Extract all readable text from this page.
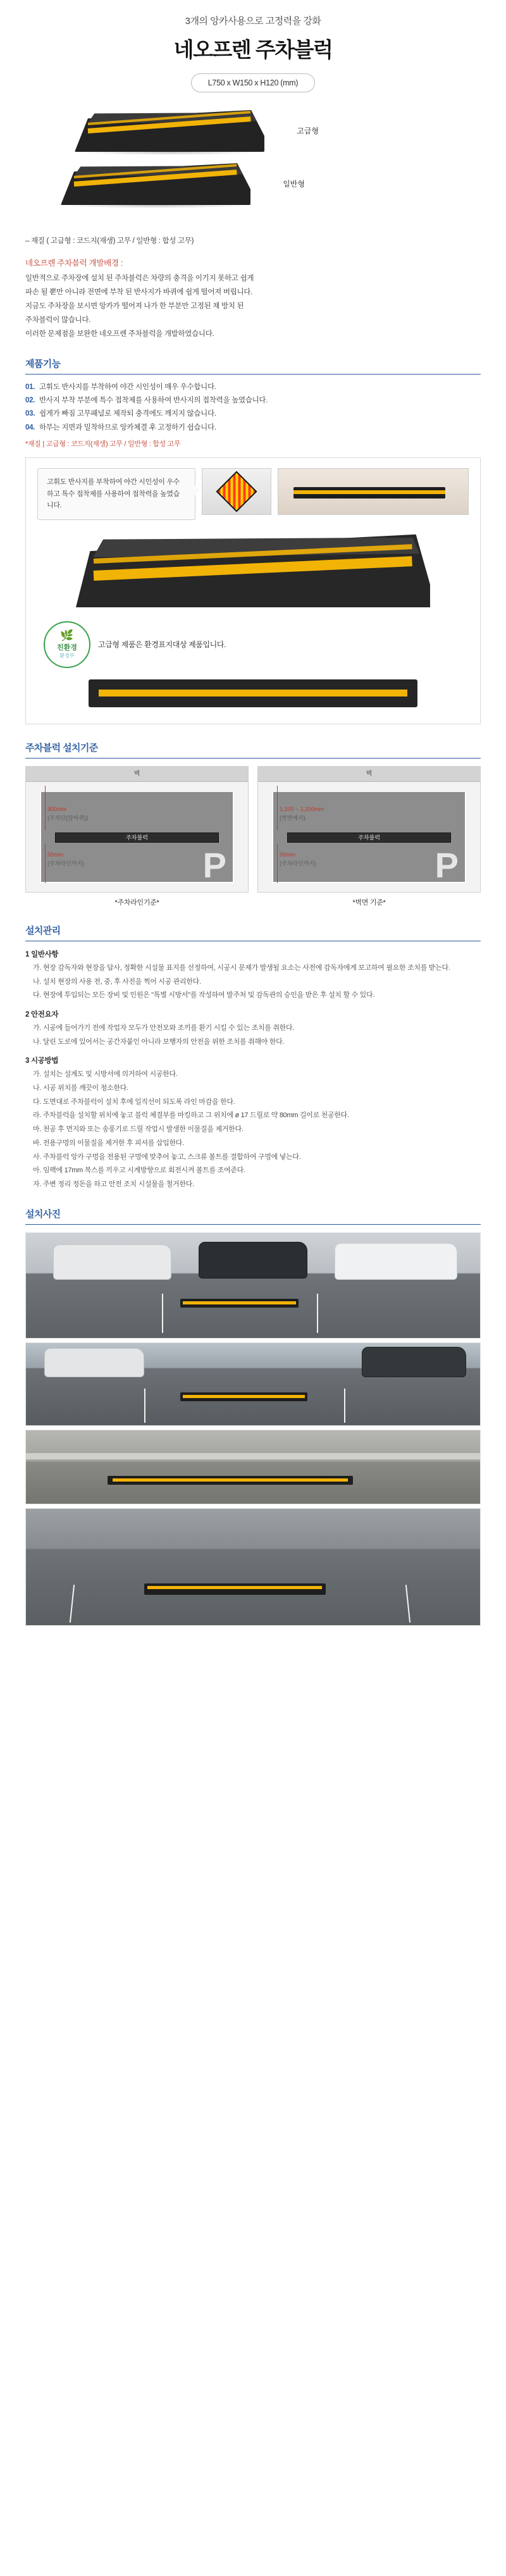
3개의 앙카사용으로 고정력을 강화
네오프렌 주차블럭
L750 x W150 x H120 (mm)
고급형
일반형
– 재질 ( 고급형 : 코드지(재생) 고무 / 일반형 : 합성 고무)
네오프렌 주차블럭 개발배경 :

일반적으로 주차장에 설치 된 주차블럭은 차량의 충격을 이기지 못하고 쉽게

파손 될 뿐만 아니라 전면에 부착 된 반사지가 바퀴에 쉽게 떨어져 버립니다.

지금도 주차장을 보시면 앙카가 떨어져 나가 한 부분만 고정된 채 방치 된

주차블럭이 많습니다.

이러한 문제점을 보완한 네오프렌 주차블럭을 개발하였습니다.

제품기능
01. 고휘도 반사지를 부착하여 야간 시인성이 매우 우수합니다.
02. 반사지 부착 부분에 특수 접착제를 사용하여 반사지의 접착력을 높였습니다.
03. 쉽게가 빠짐 고무패널로 제작되 충격에도 깨지지 않습니다.
04. 하부는 지면과 밀착하므로 앙카체결 후 고정하기 쉽습니다.
*재질 | 고급형 : 코드지(재생) 고무 / 일반형 : 합성 고무
고휘도 반사지를 부착하여 야간 시인성이 우수하고 특수 접착제를 사용하여 접착력을 높였습니다.
🌿
친환경
환경부
고급형 제품은 환경표지대상 제품입니다.
주차블럭 설치기준
벽
P
900mm
(주차단(앞바퀴))
주차블럭
50mm
(주차라인까지)
*주차라인기준*
벽
P
1,100 ~ 1,200mm
(벽면에서)
주차블럭
50mm
(주차라인까지)
*벽면 기준*
설치관리
1 일반사항

가. 현장 감독자와 현장을 답사, 정확한 시설물 표지를 선정하여, 시공시 문제가 발생될 요소는 사전에 감독자에게 보고하여 필요한 조치를 받는다.

나. 설치 현장의 사용 전, 중, 후 사진을 찍어 시공 관리한다.

다. 현장에 투입되는 모든 장비 및 인원은 "특별 시방서"를 작성하여 발주처 및 감독관의 승인을 받은 후 설치 할 수 있다.

2 안전요자

가. 시공에 들어가기 전에 작업자 모두가 안전모와 조끼를 환기 시킬 수 있는 조치를 취한다.

나. 달린 도로에 있어서는 공간자붙인 아니라 보행자의 안전을 위한 조치를 취해야 한다.

3 시공방법

가. 설치는 설계도 및 시방서에 의거하여 시공한다.

나. 시공 위치를 깨끗이 청소한다.

다. 도면대로 주차블럭이 설치 후에 일직선이 되도록 라인 마감을 한다.

라. 주차블럭을 설치할 위치에 놓고 블럭 체결부를 마킹하고 그 위치에 ø 17 드릴로 약 80mm 길이로 천공한다.

마. 천공 후 먼지와 또는 송풍기로 드릴 작업시 발생한 이물질을 제거한다.

바. 전용구멍의 이물질을 제거한 후 피셔를 삽입한다.

사. 주차블럭 앙카 구멍을 전용된 구멍에 맞추어 놓고, 스크류 볼트를 결합하여 구멍에 넣는다.

아. 임팩에 17mm 복스를 끼우고 시계방향으로 회전시켜 볼트를 조여준다.

자. 주변 정리 정돈을 하고 안전 조치 시설물을 철거한다.

설치사진
